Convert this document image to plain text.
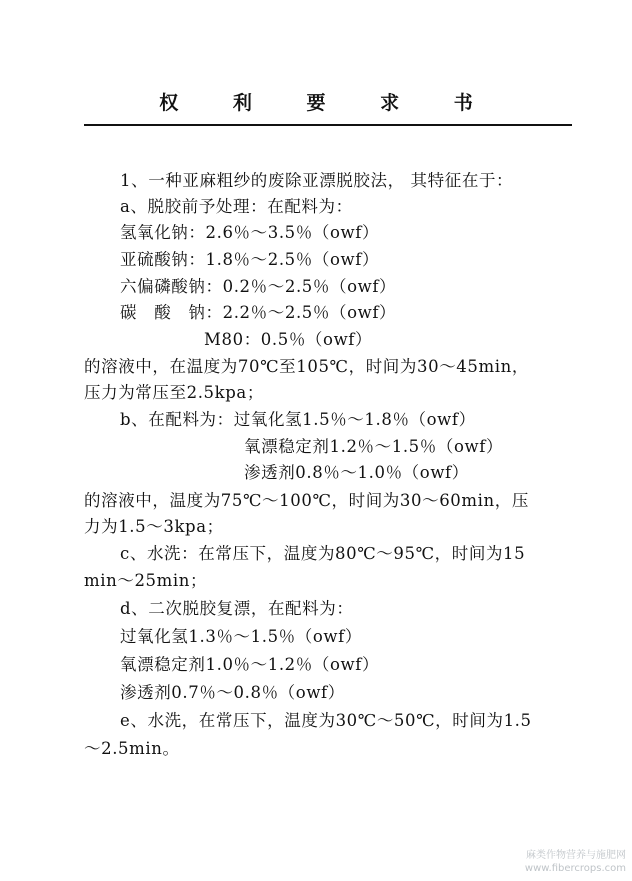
权 利 要 求 书
1、一种亚麻粗纱的废除亚漂脱胶法， 其特征在于：
a、脱胶前予处理：在配料为：
氢氧化钠：2.6％～3.5％（owf）
亚硫酸钠：1.8％～2.5％（owf）
六偏磷酸钠：0.2％～2.5％（owf）
碳　酸　钠：2.2％～2.5％（owf）
M80：0.5％（owf）
的溶液中，在温度为70℃至105℃，时间为30～45min，
压力为常压至2.5kpa；
b、在配料为：过氧化氢1.5％～1.8％（owf）
氧漂稳定剂1.2％～1.5％（owf）
渗透剂0.8％～1.0％（owf）
的溶液中，温度为75℃～100℃，时间为30～60min，压
力为1.5～3kpa；
c、水洗：在常压下，温度为80℃～95℃，时间为15
min～25min；
d、二次脱胶复漂，在配料为：
过氧化氢1.3％～1.5％（owf）
氧漂稳定剂1.0％～1.2％（owf）
渗透剂0.7％～0.8％（owf）
e、水洗，在常压下，温度为30℃～50℃，时间为1.5
～2.5min。
麻类作物营养与施肥网
www.fibercrops.com
